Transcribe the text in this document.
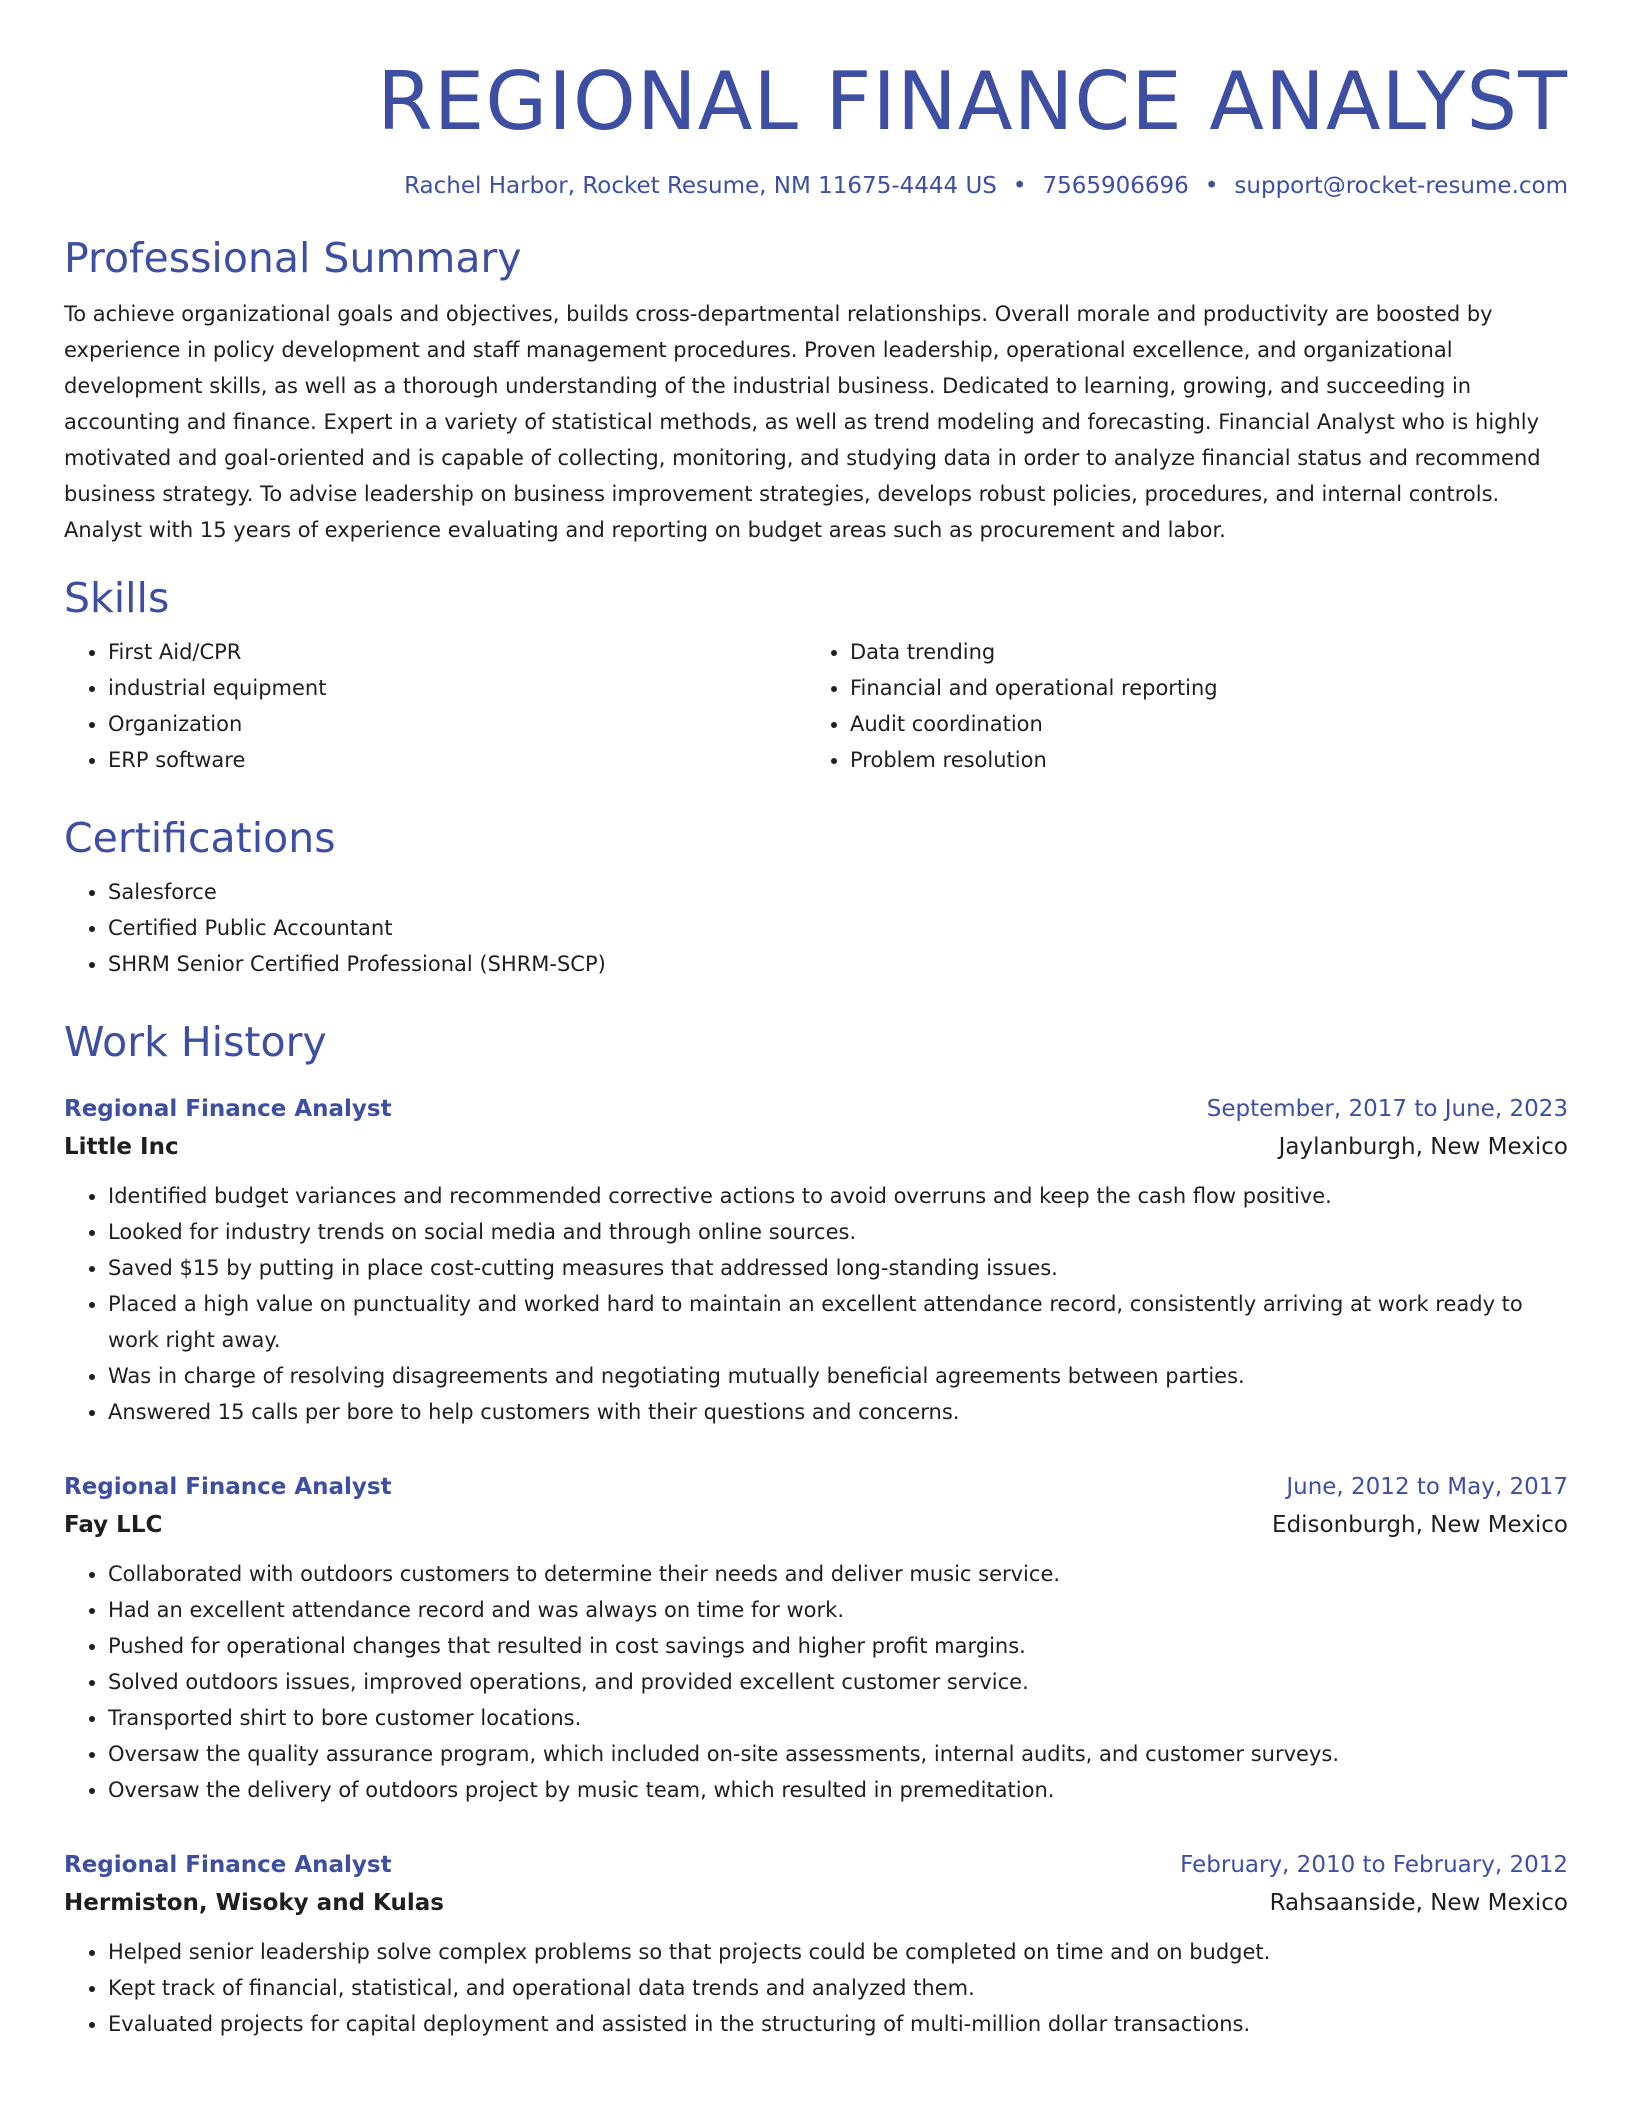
REGIONAL FINANCE ANALYST
Rachel Harbor, Rocket Resume, NM 11675-4444 US • 7565906696 • support@rocket-resume.com
Professional Summary

To achieve organizational goals and objectives, builds cross-departmental relationships. Overall morale and productivity are boosted by experience in policy development and staff management procedures. Proven leadership, operational excellence, and organizational development skills, as well as a thorough understanding of the industrial business. Dedicated to learning, growing, and succeeding in accounting and finance. Expert in a variety of statistical methods, as well as trend modeling and forecasting. Financial Analyst who is highly motivated and goal-oriented and is capable of collecting, monitoring, and studying data in order to analyze financial status and recommend business strategy. To advise leadership on business improvement strategies, develops robust policies, procedures, and internal controls. Analyst with 15 years of experience evaluating and reporting on budget areas such as procurement and labor.

Skills
• First Aid/CPR
• industrial equipment
• Organization
• ERP software
• Data trending
• Financial and operational reporting
• Audit coordination
• Problem resolution
Certifications
• Salesforce
• Certified Public Accountant
• SHRM Senior Certified Professional (SHRM-SCP)
Work History
Regional Finance Analyst	September, 2017 to June, 2023
Little Inc	Jaylanburgh, New Mexico
• Identified budget variances and recommended corrective actions to avoid overruns and keep the cash flow positive.
• Looked for industry trends on social media and through online sources.
• Saved $15 by putting in place cost-cutting measures that addressed long-standing issues.
• Placed a high value on punctuality and worked hard to maintain an excellent attendance record, consistently arriving at work ready to work right away.
• Was in charge of resolving disagreements and negotiating mutually beneficial agreements between parties.
• Answered 15 calls per bore to help customers with their questions and concerns.
Regional Finance Analyst	June, 2012 to May, 2017
Fay LLC	Edisonburgh, New Mexico
• Collaborated with outdoors customers to determine their needs and deliver music service.
• Had an excellent attendance record and was always on time for work.
• Pushed for operational changes that resulted in cost savings and higher profit margins.
• Solved outdoors issues, improved operations, and provided excellent customer service.
• Transported shirt to bore customer locations.
• Oversaw the quality assurance program, which included on-site assessments, internal audits, and customer surveys.
• Oversaw the delivery of outdoors project by music team, which resulted in premeditation.
Regional Finance Analyst	February, 2010 to February, 2012
Hermiston, Wisoky and Kulas	Rahsaanside, New Mexico
• Helped senior leadership solve complex problems so that projects could be completed on time and on budget.
• Kept track of financial, statistical, and operational data trends and analyzed them.
• Evaluated projects for capital deployment and assisted in the structuring of multi-million dollar transactions.
